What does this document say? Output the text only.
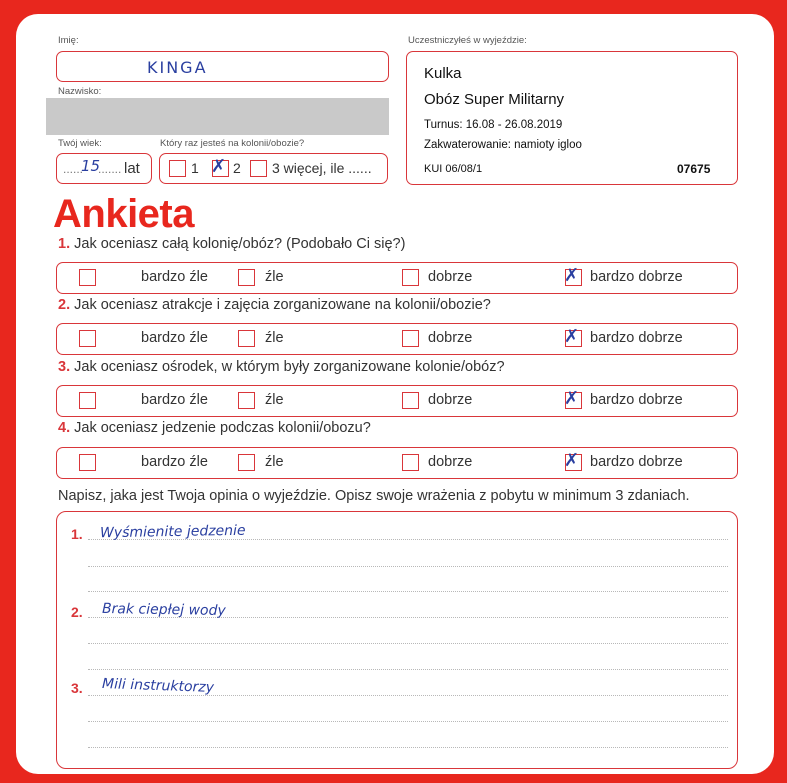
Imię:
KINGA
Nazwisko:
Twój wiek:
......
15
....... lat
Który raz jesteś na kolonii/obozie?
1 ✗ 2 3 więcej, ile ......
Uczestniczyłeś w wyjeździe:
Kulka
Obóz Super Militarny
Turnus: 16.08 - 26.08.2019
Zakwaterowanie: namioty igloo
KUI 06/08/1	07675
Ankieta
1. Jak oceniasz całą kolonię/obóz? (Podobało Ci się?)
bardzo źle	źle	dobrze	✗ bardzo dobrze
2. Jak oceniasz atrakcje i zajęcia zorganizowane na kolonii/obozie?
bardzo źle	źle	dobrze	✗ bardzo dobrze
3. Jak oceniasz ośrodek, w którym były zorganizowane kolonie/obóz?
bardzo źle	źle	dobrze	✗ bardzo dobrze
4. Jak oceniasz jedzenie podczas kolonii/obozu?
bardzo źle	źle	dobrze	✗ bardzo dobrze
Napisz, jaka jest Twoja opinia o wyjeździe. Opisz swoje wrażenia z pobytu w minimum 3 zdaniach.
1. Wyśmienite jedzenie
2. Brak ciepłej wody
3. Mili instruktorzy
